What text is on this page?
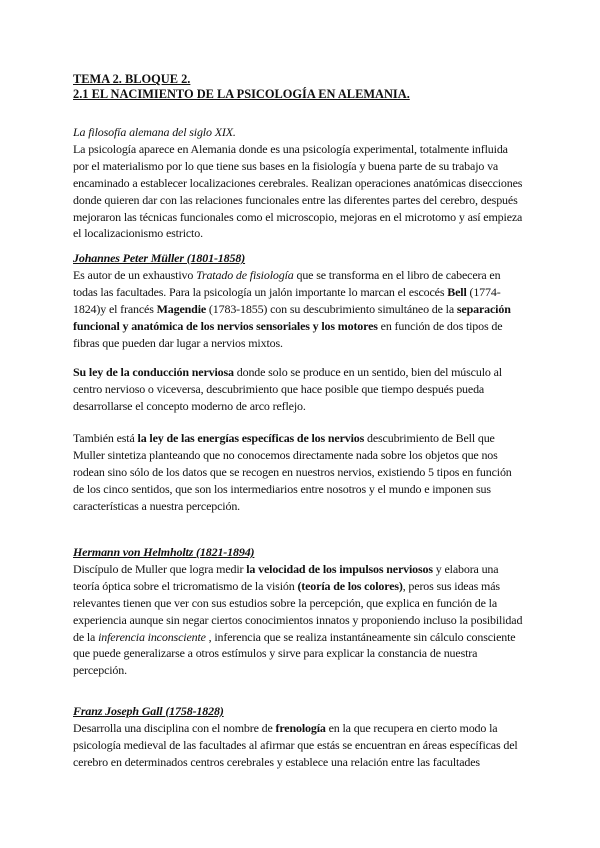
TEMA 2. BLOQUE 2.

2.1 EL NACIMIENTO DE LA PSICOLOGÍA EN ALEMANIA.

La filosofía alemana del siglo XIX.

La psicología aparece en Alemania donde es una psicología experimental, totalmente influida por el materialismo por lo que tiene sus bases en la fisiología y buena parte de su trabajo va encaminado a establecer localizaciones cerebrales. Realizan operaciones anatómicas disecciones donde quieren dar con las relaciones funcionales entre las diferentes partes del cerebro, después mejoraron las técnicas funcionales como el microscopio, mejoras en el microtomo y así empieza el localizacionismo estricto.

Johannes Peter Müller (1801-1858)

Es autor de un exhaustivo Tratado de fisiología que se transforma en el libro de cabecera en todas las facultades. Para la psicología un jalón importante lo marcan el escocés Bell (1774-1824)y el francés Magendie (1783-1855) con su descubrimiento simultáneo de la separación funcional y anatómica de los nervios sensoriales y los motores en función de dos tipos de fibras que pueden dar lugar a nervios mixtos.

Su ley de la conducción nerviosa donde solo se produce en un sentido, bien del músculo al centro nervioso o viceversa, descubrimiento que hace posible que tiempo después pueda desarrollarse el concepto moderno de arco reflejo.

También está la ley de las energías específicas de los nervios descubrimiento de Bell que Muller sintetiza planteando que no conocemos directamente nada sobre los objetos que nos rodean sino sólo de los datos que se recogen en nuestros nervios, existiendo 5 tipos en función de los cinco sentidos, que son los intermediarios entre nosotros y el mundo e imponen sus características a nuestra percepción.

Hermann von Helmholtz (1821-1894)

Discípulo de Muller que logra medir la velocidad de los impulsos nerviosos y elabora una teoría óptica sobre el tricromatismo de la visión (teoría de los colores), peros sus ideas más relevantes tienen que ver con sus estudios sobre la percepción, que explica en función de la experiencia aunque sin negar ciertos conocimientos innatos y proponiendo incluso la posibilidad de la inferencia inconsciente , inferencia que se realiza instantáneamente sin cálculo consciente que puede generalizarse a otros estímulos y sirve para explicar la constancia de nuestra percepción.

Franz Joseph Gall (1758-1828)

Desarrolla una disciplina con el nombre de frenología en la que recupera en cierto modo la psicología medieval de las facultades al afirmar que estás se encuentran en áreas específicas del cerebro en determinados centros cerebrales y establece una relación entre las facultades
